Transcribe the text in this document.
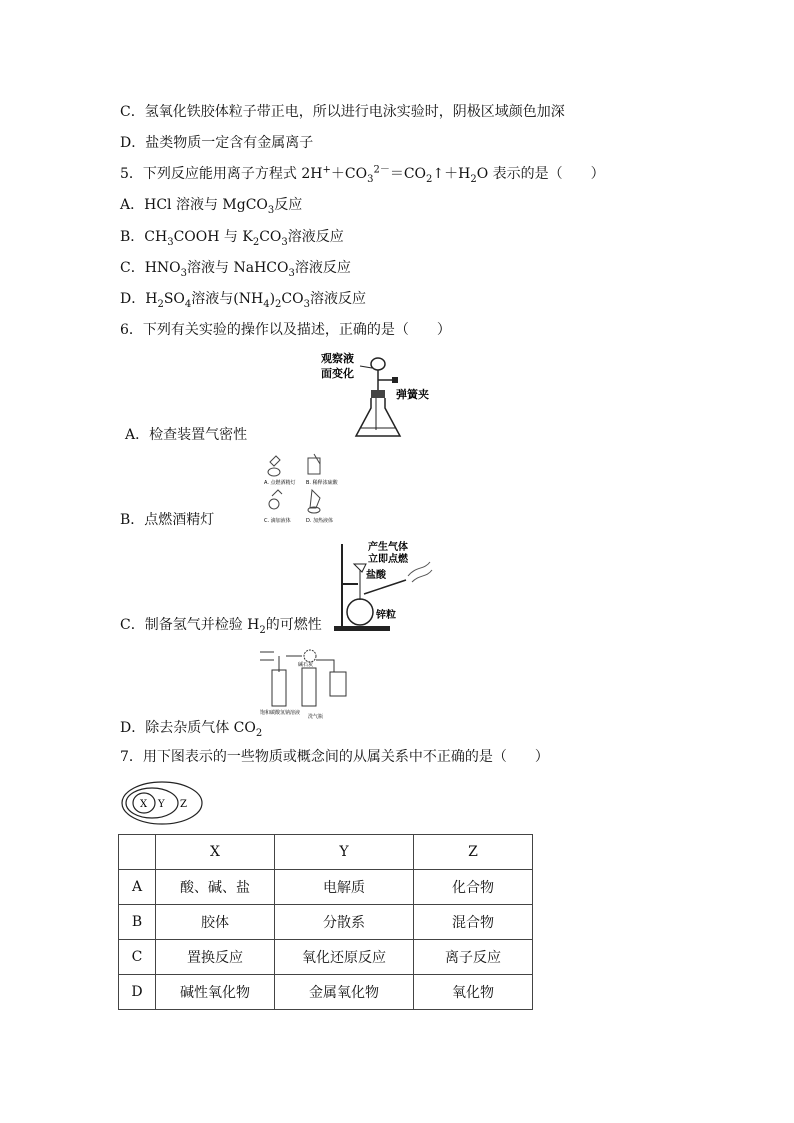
C．氢氧化铁胶体粒子带正电，所以进行电泳实验时，阴极区域颜色加深
D．盐类物质一定含有金属离子
5．下列反应能用离子方程式 $2H^++CO_3^{2-}=CO_2↑+H_2O$ 表示的是（　　）
A．HCl 溶液与 MgCO$_3$反应
B．$CH_3COOH$ 与 $K_2CO_3$溶液反应
C．$HNO_3$溶液与 NaHCO$_3$溶液反应
D．$H_2SO_4$溶液与$(NH_4)_2CO_3$溶液反应
6．下列有关实验的操作以及描述，正确的是（　　）
观察液
面变化
弹簧夹
A．检查装置气密性
A. 点燃酒精灯 B. 稀释浓硫酸
C. 滴加液体	D. 加热液体
B．点燃酒精灯
产生气体
立即点燃
盐酸
锌粒
C．制备氢气并检验 $H_2$的可燃性
饱和碳酸氢钠溶液
碱石灰
洗气瓶
D．除去杂质气体 $CO_2$
7．用下图表示的一些物质或概念间的从属关系中不正确的是（　　）
X Y Z
	X	Y	Z
A	酸、碱、盐	电解质	化合物
B	胶体	分散系	混合物
C	置换反应	氧化还原反应	离子反应
D	碱性氧化物	金属氧化物	氧化物
